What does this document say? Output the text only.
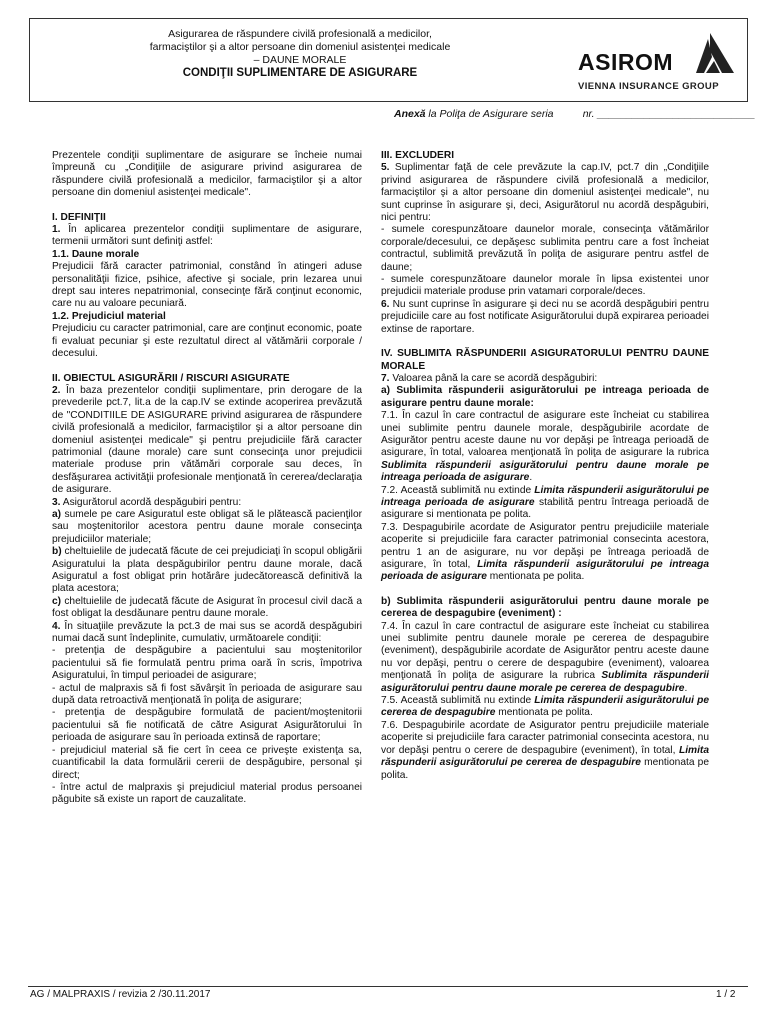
Asigurarea de răspundere civilă profesională a medicilor,
farmaciştilor şi a altor persoane din domeniul asistenţei medicale
– DAUNE MORALE
CONDIŢII SUPLIMENTARE DE ASIGURARE	ASIROM
VIENNA INSURANCE GROUP
Anexă la Poliţa de Asigurare seria	nr. ___________________________

Prezentele condiţii suplimentare de asigurare se încheie numai împreună cu „Condiţiile de asigurare privind asigurarea de răspundere civilă profesională a medicilor, farmaciştilor şi a altor persoane din domeniul asistenţei medicale".

I. DEFINIŢII

1. În aplicarea prezentelor condiţii suplimentare de asigurare, termenii următori sunt definiţi astfel:

1.1. Daune morale

Prejudicii fără caracter patrimonial, constând în atingeri aduse personalităţii fizice, psihice, afective şi sociale, prin lezarea unui drept sau interes nepatrimonial, consecinţe fără conţinut economic, care nu au valoare pecuniară.

1.2. Prejudiciul material

Prejudiciu cu caracter patrimonial, care are conţinut economic, poate fi evaluat pecuniar şi este rezultatul direct al vătămării corporale / decesului.

II. OBIECTUL ASIGURĂRII / RISCURI ASIGURATE

2. În baza prezentelor condiţii suplimentare, prin derogare de la prevederile pct.7, lit.a de la cap.IV se extinde acoperirea prevăzută de "CONDITIILE DE ASIGURARE privind asigurarea de răspundere civilă profesională a medicilor, farmaciştilor şi a altor persoane din domeniul asistenţei medicale" şi pentru prejudiciile fără caracter patrimonial (daune morale) care sunt consecinţa unor prejudicii materiale produse prin vătămări corporale sau deces, în desfăşurarea activităţii profesionale menţionată în cererea/declaraţia de asigurare.

3. Asigurătorul acordă despăgubiri pentru:

a) sumele pe care Asiguratul este obligat să le plătească pacienţilor sau moştenitorilor acestora pentru daune morale consecinţa prejudiciilor materiale;

b) cheltuielile de judecată făcute de cei prejudiciaţi în scopul obligării Asiguratului la plata despăgubirilor pentru daune morale, dacă Asiguratul a fost obligat prin hotărâre judecătorească definitivă la plata acestora;

c) cheltuielile de judecată făcute de Asigurat în procesul civil dacă a fost obligat la desdăunare pentru daune morale.

4. În situaţiile prevăzute la pct.3 de mai sus se acordă despăgubiri numai dacă sunt îndeplinite, cumulativ, următoarele condiţii:

- pretenţia de despăgubire a pacientului sau moştenitorilor pacientului să fie formulată pentru prima oară în scris, împotriva Asiguratului, în timpul perioadei de asigurare;

- actul de malpraxis să fi fost săvârşit în perioada de asigurare sau după data retroactivă menţionată în poliţa de asigurare;

- pretenţia de despăgubire formulată de pacient/moştenitorii pacientului să fie notificată de către Asigurat Asigurătorului în perioada de asigurare sau în perioada extinsă de raportare;

- prejudiciul material să fie cert în ceea ce priveşte existenţa sa, cuantificabil la data formulării cererii de despăgubire, personal şi direct;

- între actul de malpraxis şi prejudiciul material produs persoanei păgubite să existe un raport de cauzalitate.

III. EXCLUDERI

5. Suplimentar faţă de cele prevăzute la cap.IV, pct.7 din „Condiţiile privind asigurarea de răspundere civilă profesională a medicilor, farmaciştilor şi a altor persoane din domeniul asistenţei medicale", nu sunt cuprinse în asigurare şi, deci, Asigurătorul nu acordă despăgubiri, nici pentru:

- sumele corespunzătoare daunelor morale, consecinţa vătămărilor corporale/decesului, ce depăşesc sublimita pentru care a fost încheiat contractul, sublimită prevăzută în poliţa de asigurare pentru astfel de daune;

- sumele corespunzătoare daunelor morale în lipsa existentei unor prejudicii materiale produse prin vatamari corporale/deces.

6. Nu sunt cuprinse în asigurare şi deci nu se acordă despăgubiri pentru prejudiciile care au fost notificate Asigurătorului după expirarea perioadei extinse de raportare.

IV. SUBLIMITA RĂSPUNDERII ASIGURATORULUI PENTRU DAUNE MORALE

7. Valoarea până la care se acordă despăgubiri:

a) Sublimita răspunderii asigurătorului pe intreaga perioada de asigurare pentru daune morale:

7.1. În cazul în care contractul de asigurare este încheiat cu stabilirea unei sublimite pentru daunele morale, despăgubirile acordate de Asigurător pentru aceste daune nu vor depăşi pe întreaga perioadă de asigurare, în total, valoarea menţionată în poliţa de asigurare la rubrica Sublimita răspunderii asigurătorului pentru daune morale pe intreaga perioada de asigurare.

7.2. Această sublimită nu extinde Limita răspunderii asigurătorului pe intreaga perioada de asigurare stabilită pentru întreaga perioadă de asigurare si mentionata pe polita.

7.3. Despagubirile acordate de Asigurator pentru prejudiciile materiale acoperite si prejudiciile fara caracter patrimonial consecinta acestora, pentru 1 an de asigurare, nu vor depăşi pe întreaga perioadă de asigurare, în total, Limita răspunderii asigurătorului pe intreaga perioada de asigurare mentionata pe polita.

b) Sublimita răspunderii asigurătorului pentru daune morale pe cererea de despagubire (eveniment) :

7.4. În cazul în care contractul de asigurare este încheiat cu stabilirea unei sublimite pentru daunele morale pe cererea de despagubire (eveniment), despăgubirile acordate de Asigurător pentru aceste daune nu vor depăşi, pentru o cerere de despagubire (eveniment), valoarea menţionată în poliţa de asigurare la rubrica Sublimita răspunderii asigurătorului pentru daune morale pe cererea de despagubire.

7.5. Această sublimită nu extinde Limita răspunderii asigurătorului pe cererea de despagubire mentionata pe polita.

7.6. Despagubirile acordate de Asigurator pentru prejudiciile materiale acoperite si prejudiciile fara caracter patrimonial consecinta acestora, nu vor depăşi pentru o cerere de despagubire (eveniment), în total, Limita răspunderii asigurătorului pe cererea de despagubire mentionata pe polita.

AG / MALPRAXIS / revizia 2 /30.11.2017	1 / 2
